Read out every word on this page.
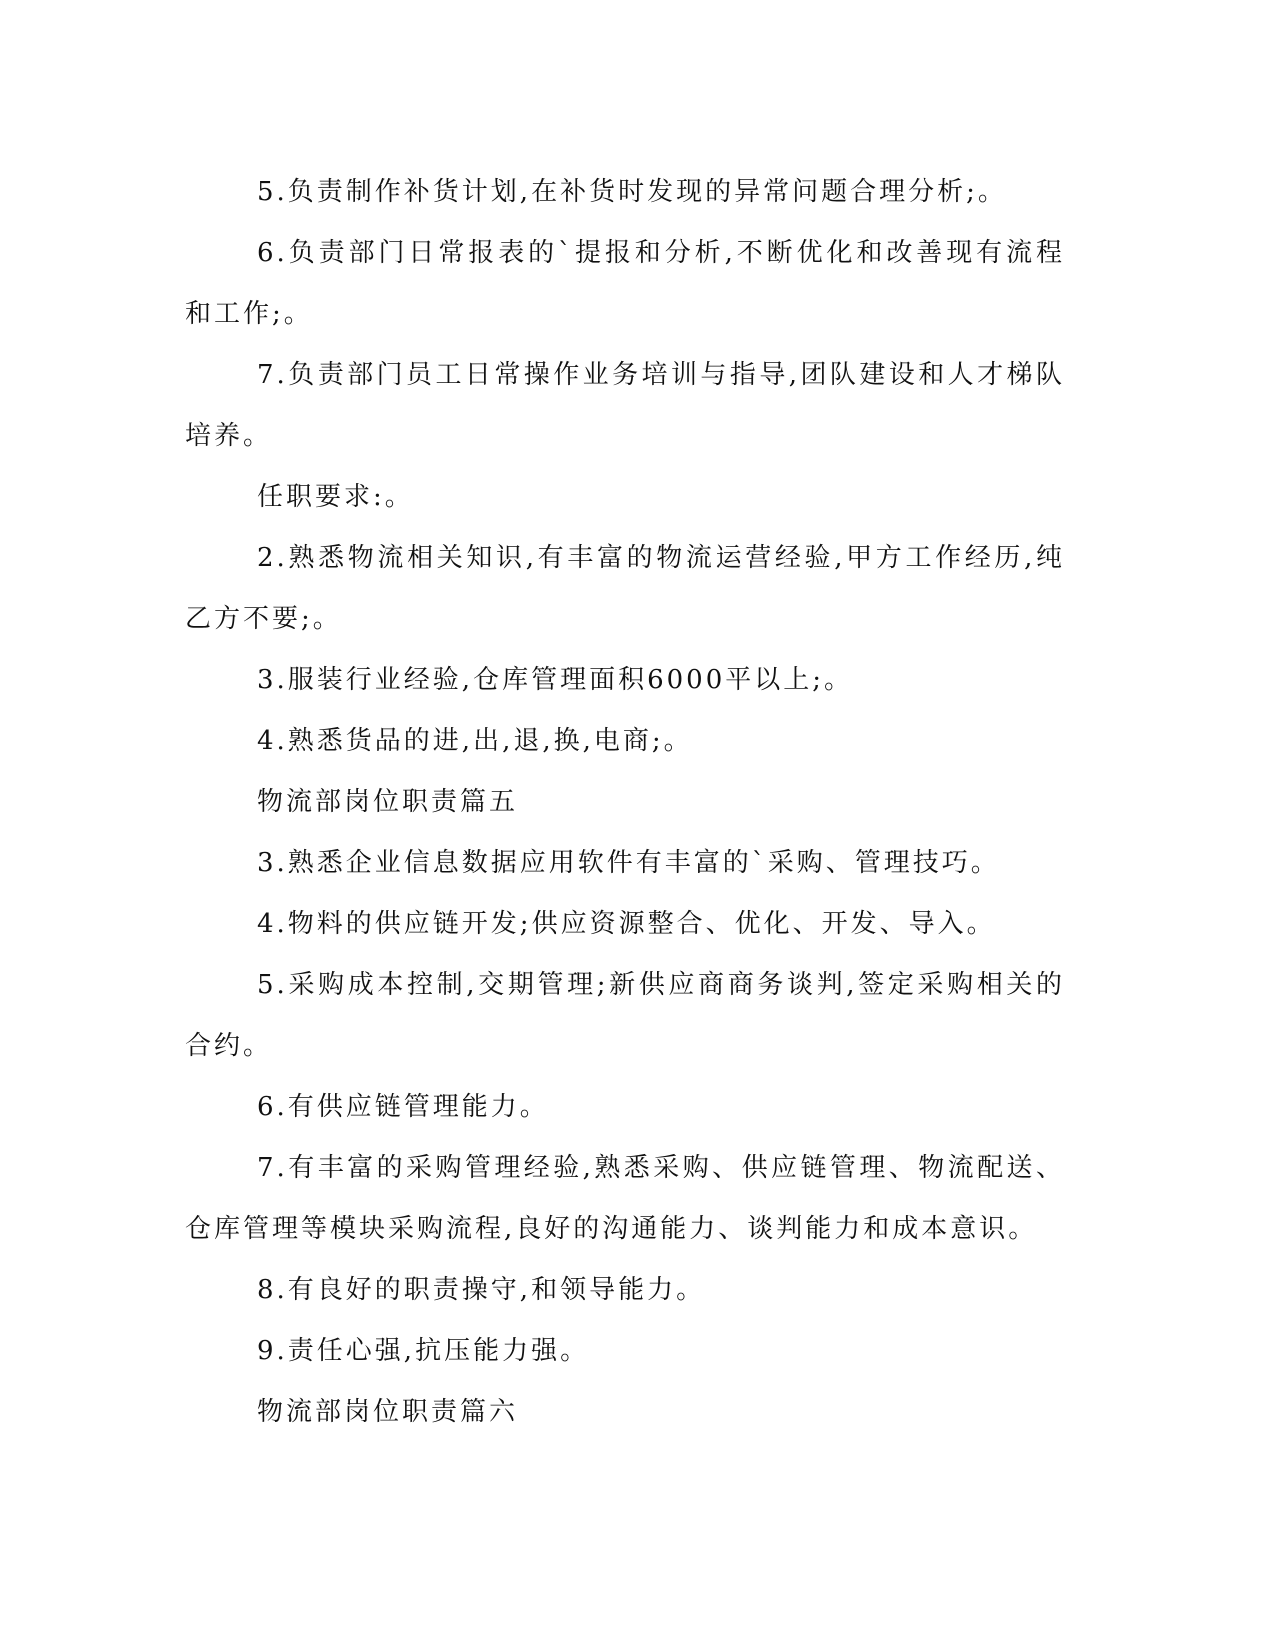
5.负责制作补货计划,在补货时发现的异常问题合理分析;。

6.负责部门日常报表的`提报和分析,不断优化和改善现有流程和工作;。

7.负责部门员工日常操作业务培训与指导,团队建设和人才梯队培养。

任职要求:。

2.熟悉物流相关知识,有丰富的物流运营经验,甲方工作经历,纯乙方不要;。

3.服装行业经验,仓库管理面积6000平以上;。

4.熟悉货品的进,出,退,换,电商;。

物流部岗位职责篇五

3.熟悉企业信息数据应用软件有丰富的`采购、管理技巧。

4.物料的供应链开发;供应资源整合、优化、开发、导入。

5.采购成本控制,交期管理;新供应商商务谈判,签定采购相关的合约。

6.有供应链管理能力。

7.有丰富的采购管理经验,熟悉采购、供应链管理、物流配送、仓库管理等模块采购流程,良好的沟通能力、谈判能力和成本意识。

8.有良好的职责操守,和领导能力。

9.责任心强,抗压能力强。

物流部岗位职责篇六
